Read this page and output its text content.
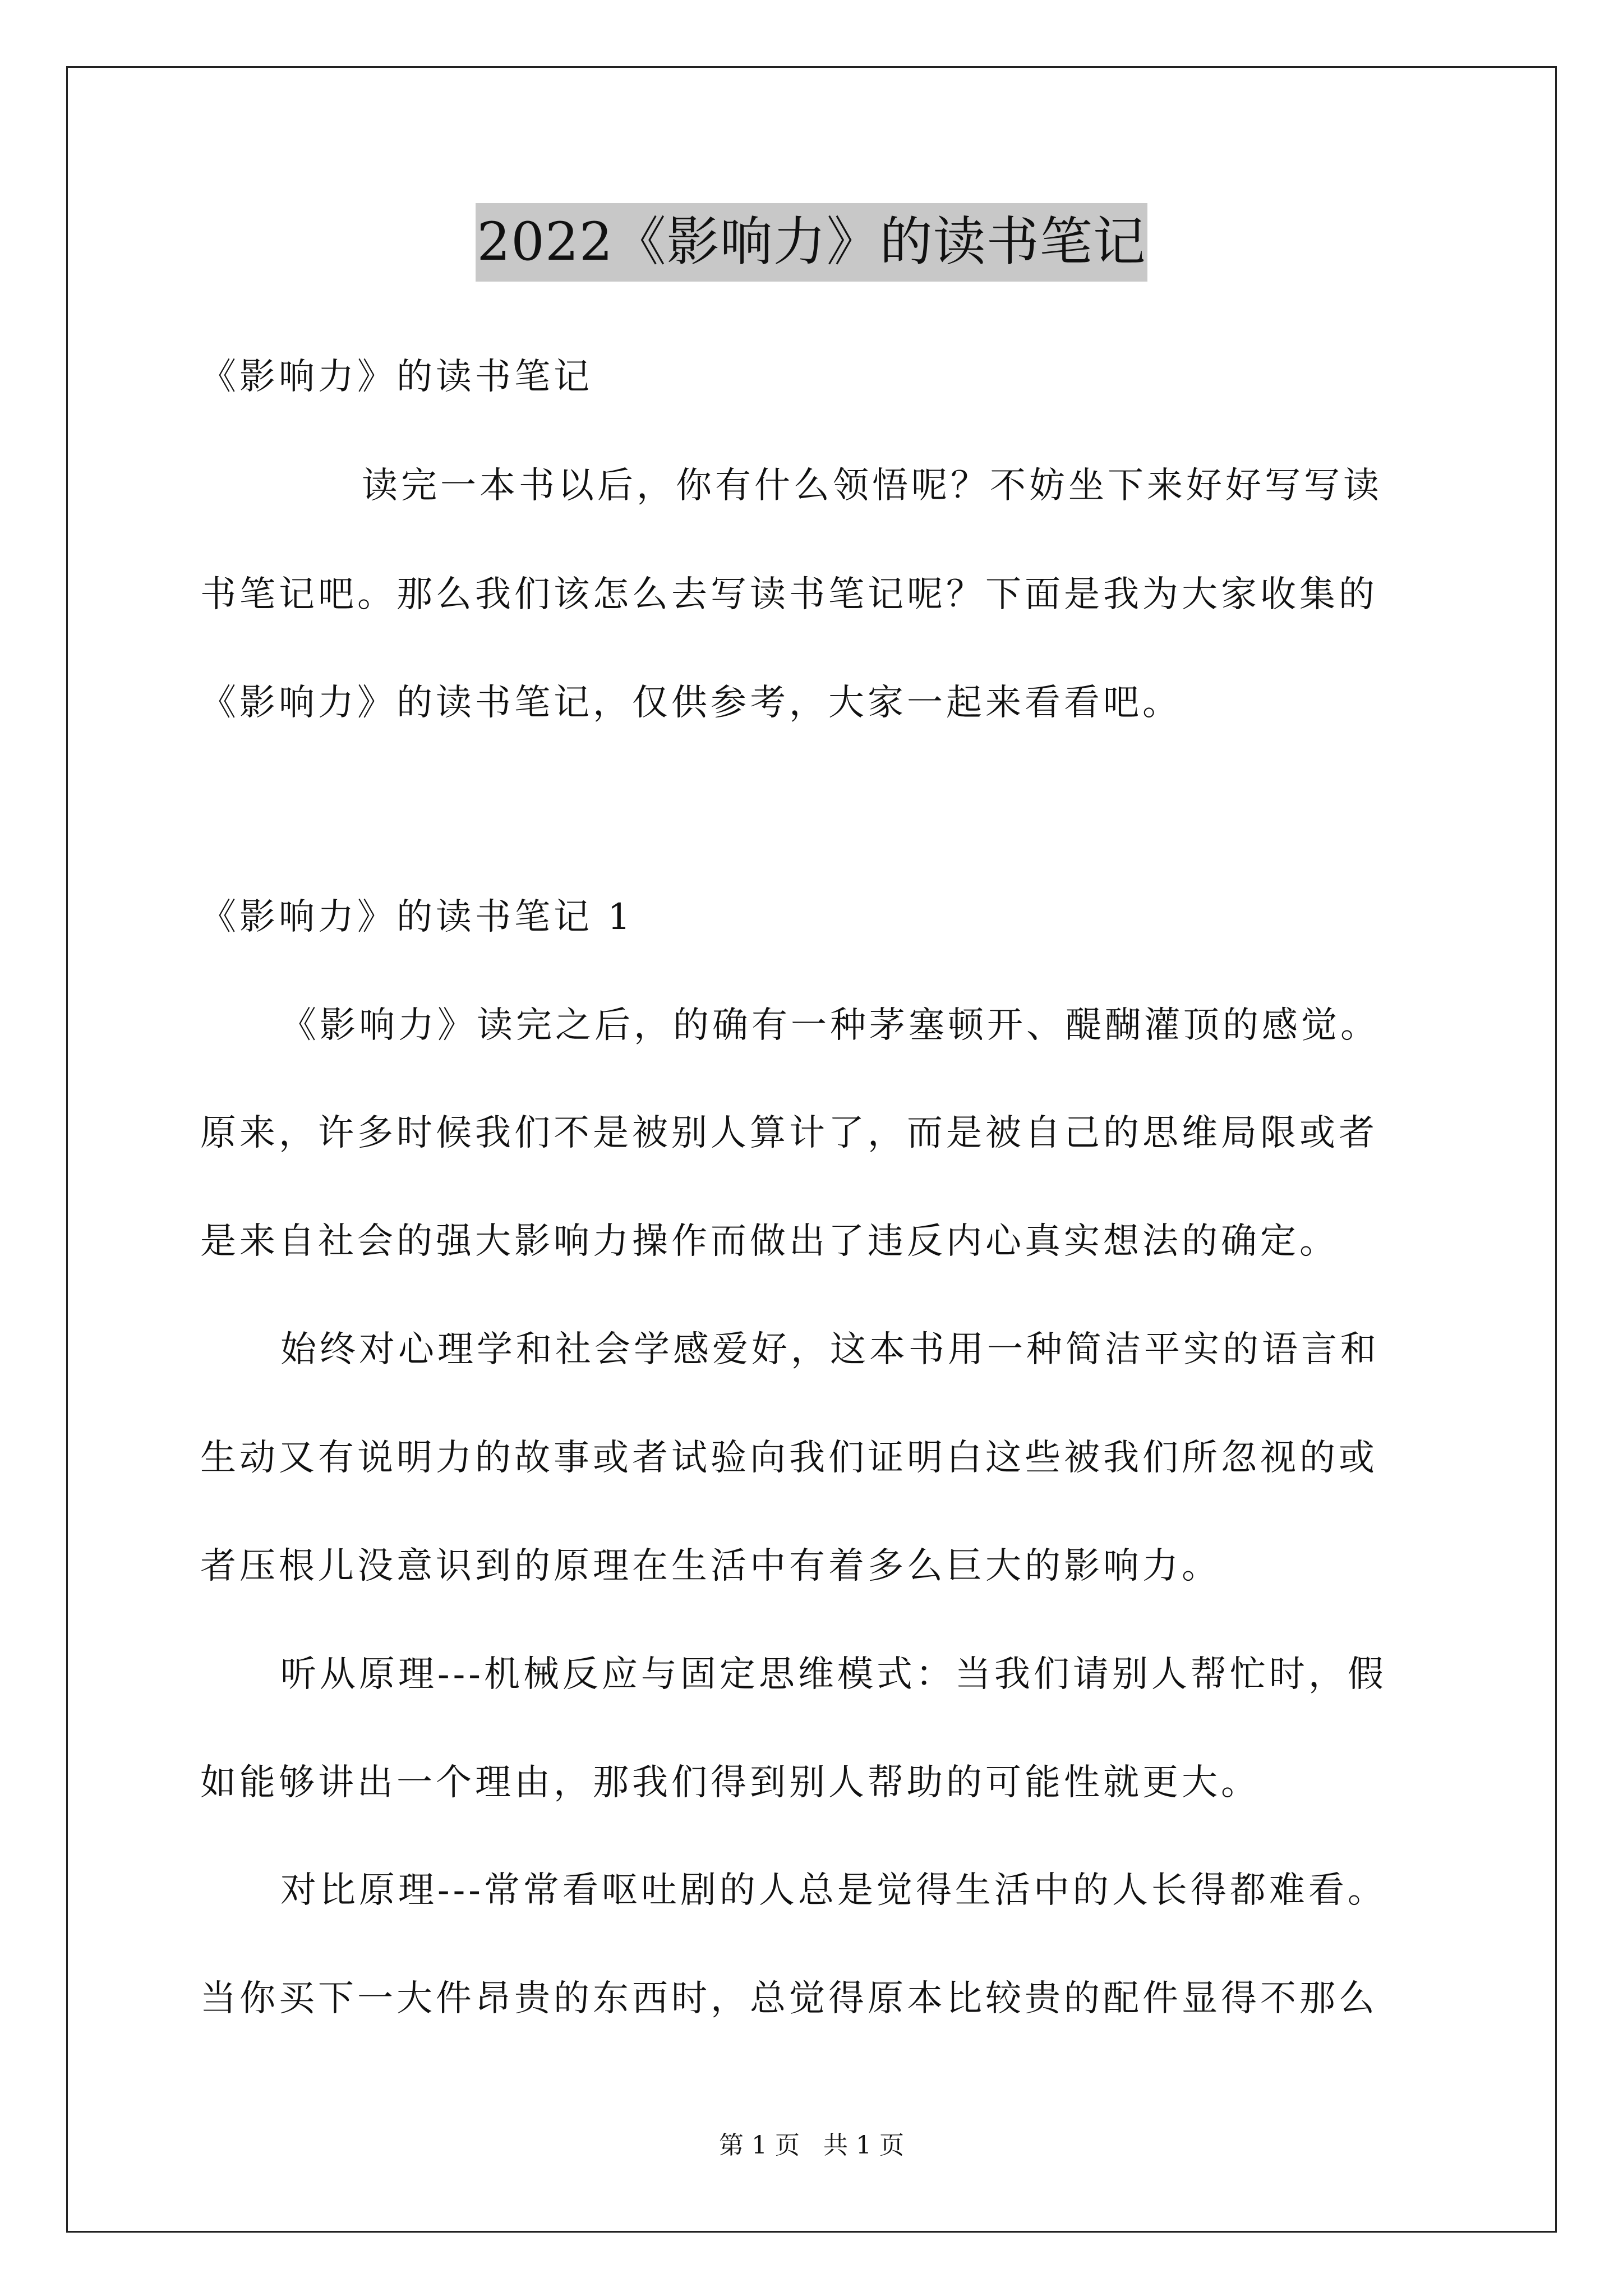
2022《影响力》的读书笔记
《影响力》的读书笔记
读完一本书以后，你有什么领悟呢？不妨坐下来好好写写读
书笔记吧。那么我们该怎么去写读书笔记呢？下面是我为大家收集的
《影响力》的读书笔记，仅供参考，大家一起来看看吧。
《影响力》的读书笔记 1
《影响力》读完之后，的确有一种茅塞顿开、醍醐灌顶的感觉。
原来，许多时候我们不是被别人算计了，而是被自己的思维局限或者
是来自社会的强大影响力操作而做出了违反内心真实想法的确定。
始终对心理学和社会学感爱好，这本书用一种简洁平实的语言和
生动又有说明力的故事或者试验向我们证明白这些被我们所忽视的或
者压根儿没意识到的原理在生活中有着多么巨大的影响力。
听从原理---机械反应与固定思维模式：当我们请别人帮忙时，假
如能够讲出一个理由，那我们得到别人帮助的可能性就更大。
对比原理---常常看呕吐剧的人总是觉得生活中的人长得都难看。
当你买下一大件昂贵的东西时，总觉得原本比较贵的配件显得不那么
第 1 页 共 1 页
